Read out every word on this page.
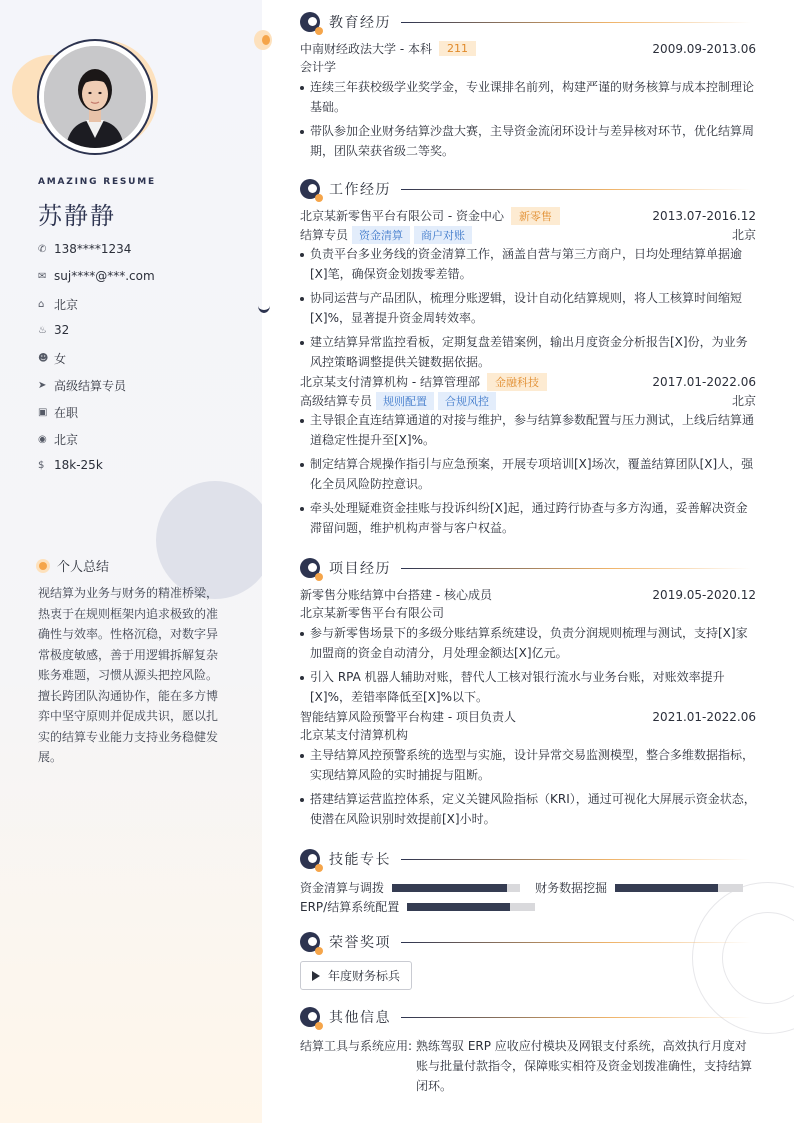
AMAZING RESUME
苏静静
✆ 138****1234
✉ suj****@***.com
⌂ 北京
♨ 32
☻ 女
➤ 高级结算专员
▣ 在职
◉ 北京
$ 18k-25k
个人总结
视结算为业务与财务的精准桥梁，热衷于在规则框架内追求极致的准确性与效率。性格沉稳，对数字异常极度敏感，善于用逻辑拆解复杂账务难题，习惯从源头把控风险。擅长跨团队沟通协作，能在多方博弈中坚守原则并促成共识，愿以扎实的结算专业能力支持业务稳健发展。
教育经历
中南财经政法大学 - 本科	211	2009.09-2013.06
会计学
连续三年获校级学业奖学金，专业课排名前列，构建严谨的财务核算与成本控制理论基础。
带队参加企业财务结算沙盘大赛，主导资金流闭环设计与差异核对环节，优化结算周期，团队荣获省级二等奖。
工作经历
北京某新零售平台有限公司 - 资金中心	新零售	2013.07-2016.12
结算专员	资金清算	商户对账	北京
负责平台多业务线的资金清算工作，涵盖自营与第三方商户，日均处理结算单据逾[X]笔，确保资金划拨零差错。
协同运营与产品团队，梳理分账逻辑，设计自动化结算规则，将人工核算时间缩短[X]%，显著提升资金周转效率。
建立结算异常监控看板，定期复盘差错案例，输出月度资金分析报告[X]份，为业务风控策略调整提供关键数据依据。
北京某支付清算机构 - 结算管理部	金融科技	2017.01-2022.06
高级结算专员	规则配置	合规风控	北京
主导银企直连结算通道的对接与维护，参与结算参数配置与压力测试，上线后结算通道稳定性提升至[X]%。
制定结算合规操作指引与应急预案，开展专项培训[X]场次，覆盖结算团队[X]人，强化全员风险防控意识。
牵头处理疑难资金挂账与投诉纠纷[X]起，通过跨行协查与多方沟通，妥善解决资金滞留问题，维护机构声誉与客户权益。
项目经历
新零售分账结算中台搭建 - 核心成员	2019.05-2020.12
北京某新零售平台有限公司
参与新零售场景下的多级分账结算系统建设，负责分润规则梳理与测试，支持[X]家加盟商的资金自动清分，月处理金额达[X]亿元。
引入 RPA 机器人辅助对账，替代人工核对银行流水与业务台账，对账效率提升[X]%，差错率降低至[X]%以下。
智能结算风险预警平台构建 - 项目负责人	2021.01-2022.06
北京某支付清算机构
主导结算风控预警系统的选型与实施，设计异常交易监测模型，整合多维数据指标，实现结算风险的实时捕捉与阻断。
搭建结算运营监控体系，定义关键风险指标（KRI），通过可视化大屏展示资金状态，使潜在风险识别时效提前[X]小时。
技能专长
资金清算与调拨
	财务数据挖掘
ERP/结算系统配置
荣誉奖项
年度财务标兵
其他信息
结算工具与系统应用: 熟练驾驭 ERP 应收应付模块及网银支付系统，高效执行月度对账与批量付款指令，保障账实相符及资金划拨准确性，支持结算闭环。
